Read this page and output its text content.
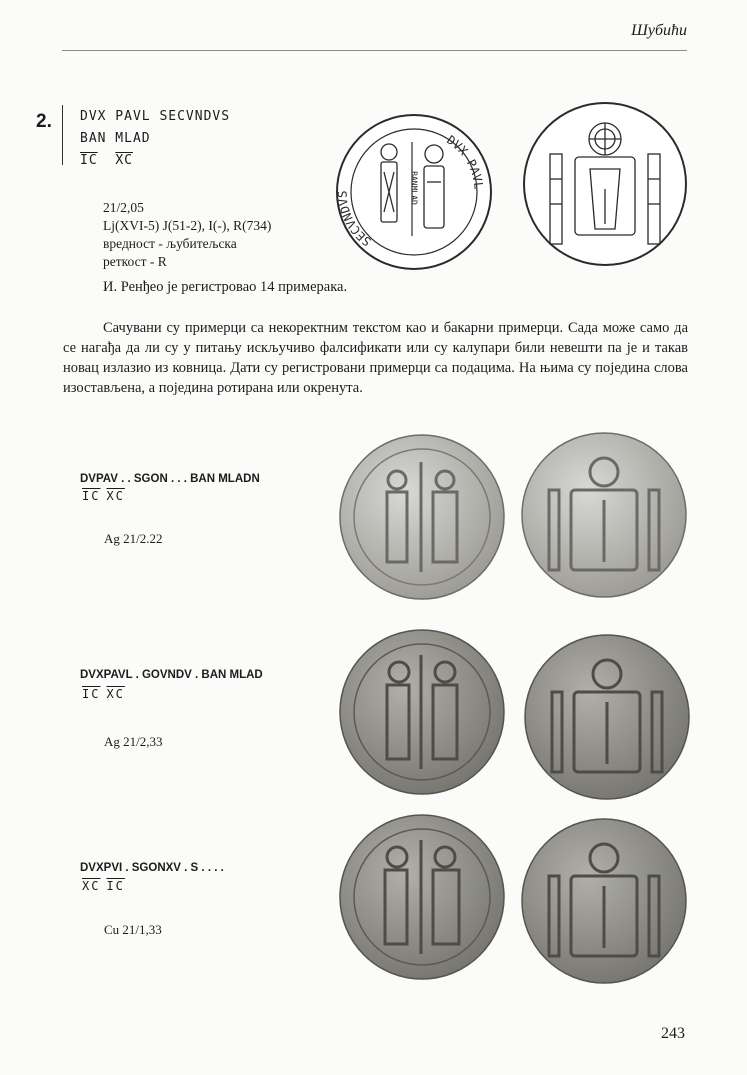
Шубићи
2. DVX PAVL SECVNDVS
BAN MLAD
$\overline{IC}$ $\overline{XC}$
21/2,05
Lj(XVI-5) J(51-2), I(-), R(734)
вредност - љубитељска
реткост - R
И. Ренђео је регистровао 14 примерака.
SECVNDVS
DVX PAVL
BANMLAD
Сачувани су примерци са некоректним текстом као и бакарни примерци. Сада може само да се нагађа да ли су у питању искључиво фалсификати или су калупари били невешти па је и такав новац излазио из ковница. Дати су регистровани примерци са подацима. На њима су поједина слова изостављена, а поједина ротирана или окренута.
DVPAV . . SGON . . . BAN MLADN
$\overline{IC}$ $\overline{XC}$
Ag 21/2.22
DVXPAVL . GOVNDV . BAN MLAD
$\overline{IC}$ $\overline{XC}$
Ag 21/2,33
DVXPVI . SGONXV . S . . . .
$\overline{XC}$ $\overline{IC}$
Cu 21/1,33
243
